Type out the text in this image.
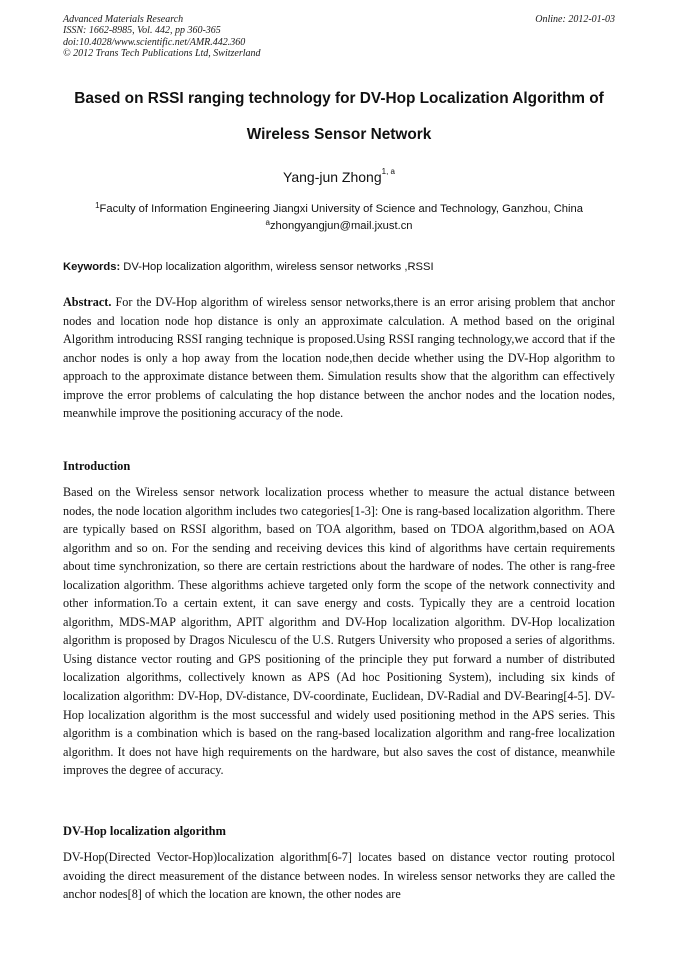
Advanced Materials Research
ISSN: 1662-8985, Vol. 442, pp 360-365
doi:10.4028/www.scientific.net/AMR.442.360
© 2012 Trans Tech Publications Ltd, Switzerland
Online: 2012-01-03
Based on RSSI ranging technology for DV-Hop Localization Algorithm of
Wireless Sensor Network
Yang-jun Zhong$^{1, a}$
$^1$Faculty of Information Engineering Jiangxi University of Science and Technology, Ganzhou, China
$^a$zhongyangjun@mail.jxust.cn
Keywords: DV-Hop localization algorithm, wireless sensor networks ,RSSI
Abstract. For the DV-Hop algorithm of wireless sensor networks,there is an error arising problem that anchor nodes and location node hop distance is only an approximate calculation. A method based on the original Algorithm introducing RSSI ranging technique is proposed.Using RSSI ranging technology,we accord that if the anchor nodes is only a hop away from the location node,then decide whether using the DV-Hop algorithm to approach to the approximate distance between them. Simulation results show that the algorithm can effectively improve the error problems of calculating the hop distance between the anchor nodes and the location nodes, meanwhile improve the positioning accuracy of the node.
Introduction
Based on the Wireless sensor network localization process whether to measure the actual distance between nodes, the node location algorithm includes two categories[1-3]: One is rang-based localization algorithm. There are typically based on RSSI algorithm, based on TOA algorithm, based on TDOA algorithm,based on AOA algorithm and so on. For the sending and receiving devices this kind of algorithms have certain requirements about time synchronization, so there are certain restrictions about the hardware of nodes. The other is rang-free localization algorithm. These algorithms achieve targeted only form the scope of the network connectivity and other information.To a certain extent, it can save energy and costs. Typically they are a centroid location algorithm, MDS-MAP algorithm, APIT algorithm and DV-Hop localization algorithm. DV-Hop localization algorithm is proposed by Dragos Niculescu of the U.S. Rutgers University who proposed a series of algorithms. Using distance vector routing and GPS positioning of the principle they put forward a number of distributed localization algorithms, collectively known as APS (Ad hoc Positioning System), including six kinds of localization algorithm: DV-Hop, DV-distance, DV-coordinate, Euclidean, DV-Radial and DV-Bearing[4-5]. DV-Hop localization algorithm is the most successful and widely used positioning method in the APS series. This algorithm is a combination which is based on the rang-based localization algorithm and rang-free localization algorithm. It does not have high requirements on the hardware, but also saves the cost of distance, meanwhile improves the degree of accuracy.
DV-Hop localization algorithm
DV-Hop(Directed Vector-Hop)localization algorithm[6-7] locates based on distance vector routing protocol avoiding the direct measurement of the distance between nodes. In wireless sensor networks they are called the anchor nodes[8] of which the location are known, the other nodes are
